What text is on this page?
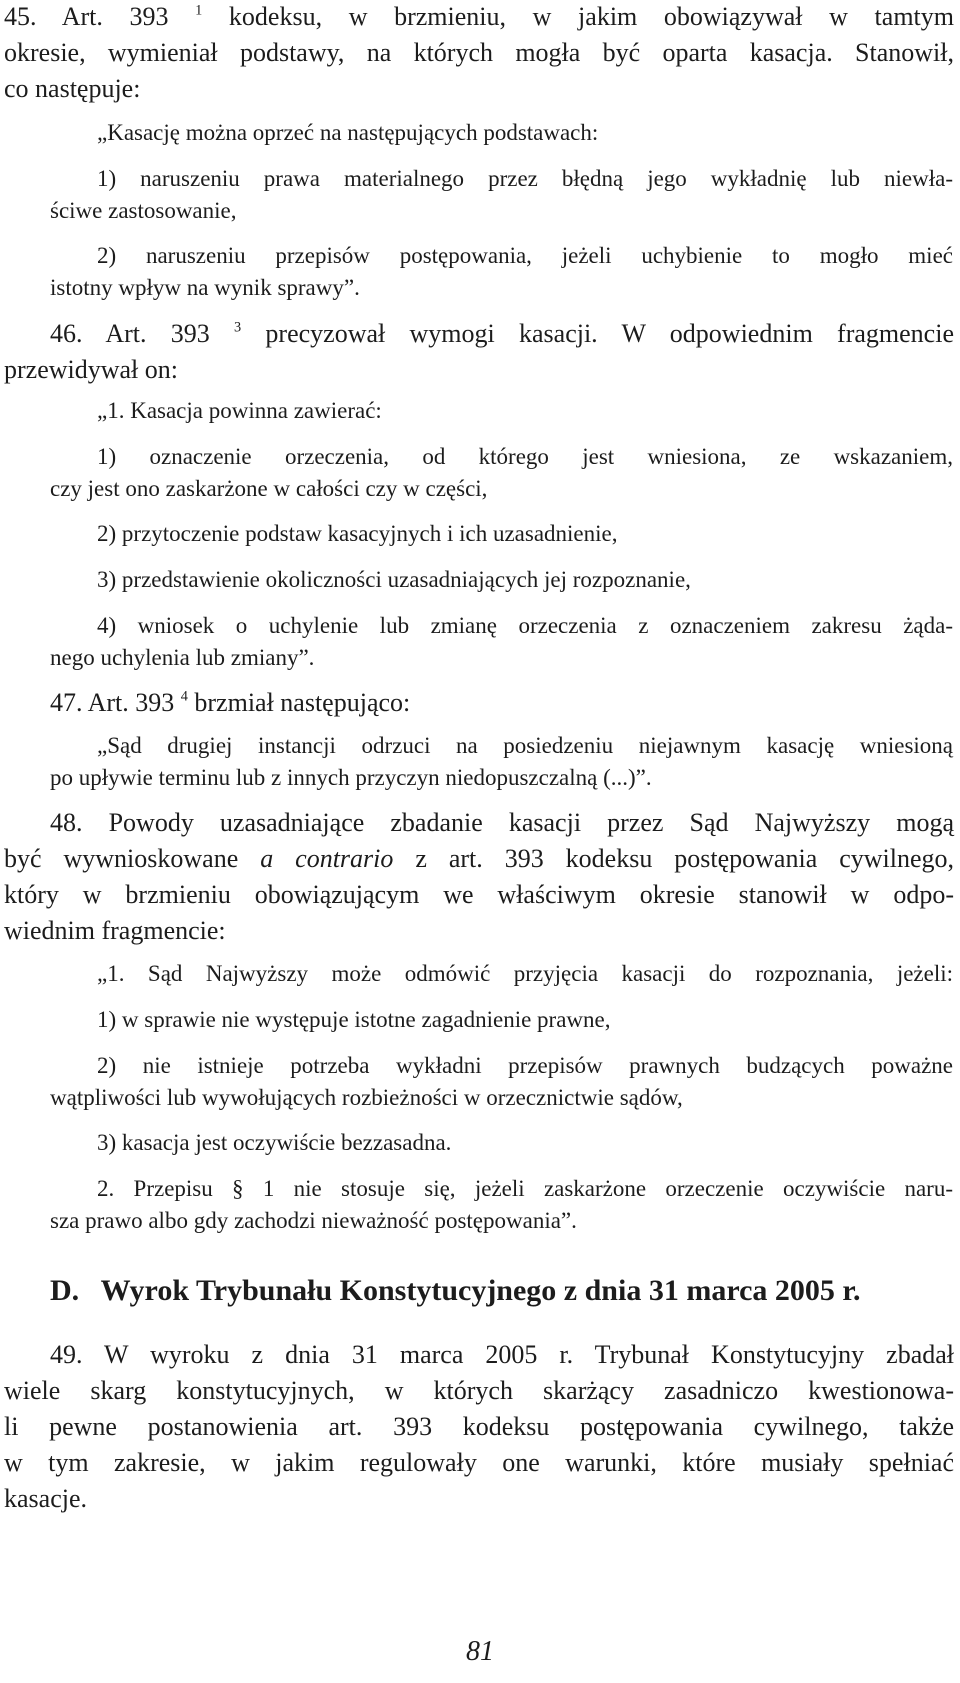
45. Art. 393 $^1$ kodeksu, w brzmieniu, w jakim obowiązywał w tamtym
okresie, wymieniał podstawy, na których mogła być oparta kasacja. Stanowił,
co następuje:
„Kasację można oprzeć na następujących podstawach:
1) naruszeniu prawa materialnego przez błędną jego wykładnię lub niewła-
ściwe zastosowanie,
2) naruszeniu przepisów postępowania, jeżeli uchybienie to mogło mieć
istotny wpływ na wynik sprawy”.
46. Art. 393 $^3$ precyzował wymogi kasacji. W odpowiednim fragmencie
przewidywał on:
„1. Kasacja powinna zawierać:
1) oznaczenie orzeczenia, od którego jest wniesiona, ze wskazaniem,
czy jest ono zaskarżone w całości czy w części,
2) przytoczenie podstaw kasacyjnych i ich uzasadnienie,
3) przedstawienie okoliczności uzasadniających jej rozpoznanie,
4) wniosek o uchylenie lub zmianę orzeczenia z oznaczeniem zakresu żąda-
nego uchylenia lub zmiany”.
47. Art. 393 $^4$ brzmiał następująco:
„Sąd drugiej instancji odrzuci na posiedzeniu niejawnym kasację wniesioną
po upływie terminu lub z innych przyczyn niedopuszczalną (...)”.
48. Powody uzasadniające zbadanie kasacji przez Sąd Najwyższy mogą
być wywnioskowane a contrario z art. 393 kodeksu postępowania cywilnego,
który w brzmieniu obowiązującym we właściwym okresie stanowił w odpo-
wiednim fragmencie:
„1. Sąd Najwyższy może odmówić przyjęcia kasacji do rozpoznania, jeżeli:
1) w sprawie nie występuje istotne zagadnienie prawne,
2) nie istnieje potrzeba wykładni przepisów prawnych budzących poważne
wątpliwości lub wywołujących rozbieżności w orzecznictwie sądów,
3) kasacja jest oczywiście bezzasadna.
2. Przepisu § 1 nie stosuje się, jeżeli zaskarżone orzeczenie oczywiście naru-
sza prawo albo gdy zachodzi nieważność postępowania”.
D. Wyrok Trybunału Konstytucyjnego z dnia 31 marca 2005 r.
49. W wyroku z dnia 31 marca 2005 r. Trybunał Konstytucyjny zbadał
wiele skarg konstytucyjnych, w których skarżący zasadniczo kwestionowa-
li pewne postanowienia art. 393 kodeksu postępowania cywilnego, także
w tym zakresie, w jakim regulowały one warunki, które musiały spełniać
kasacje.
81
